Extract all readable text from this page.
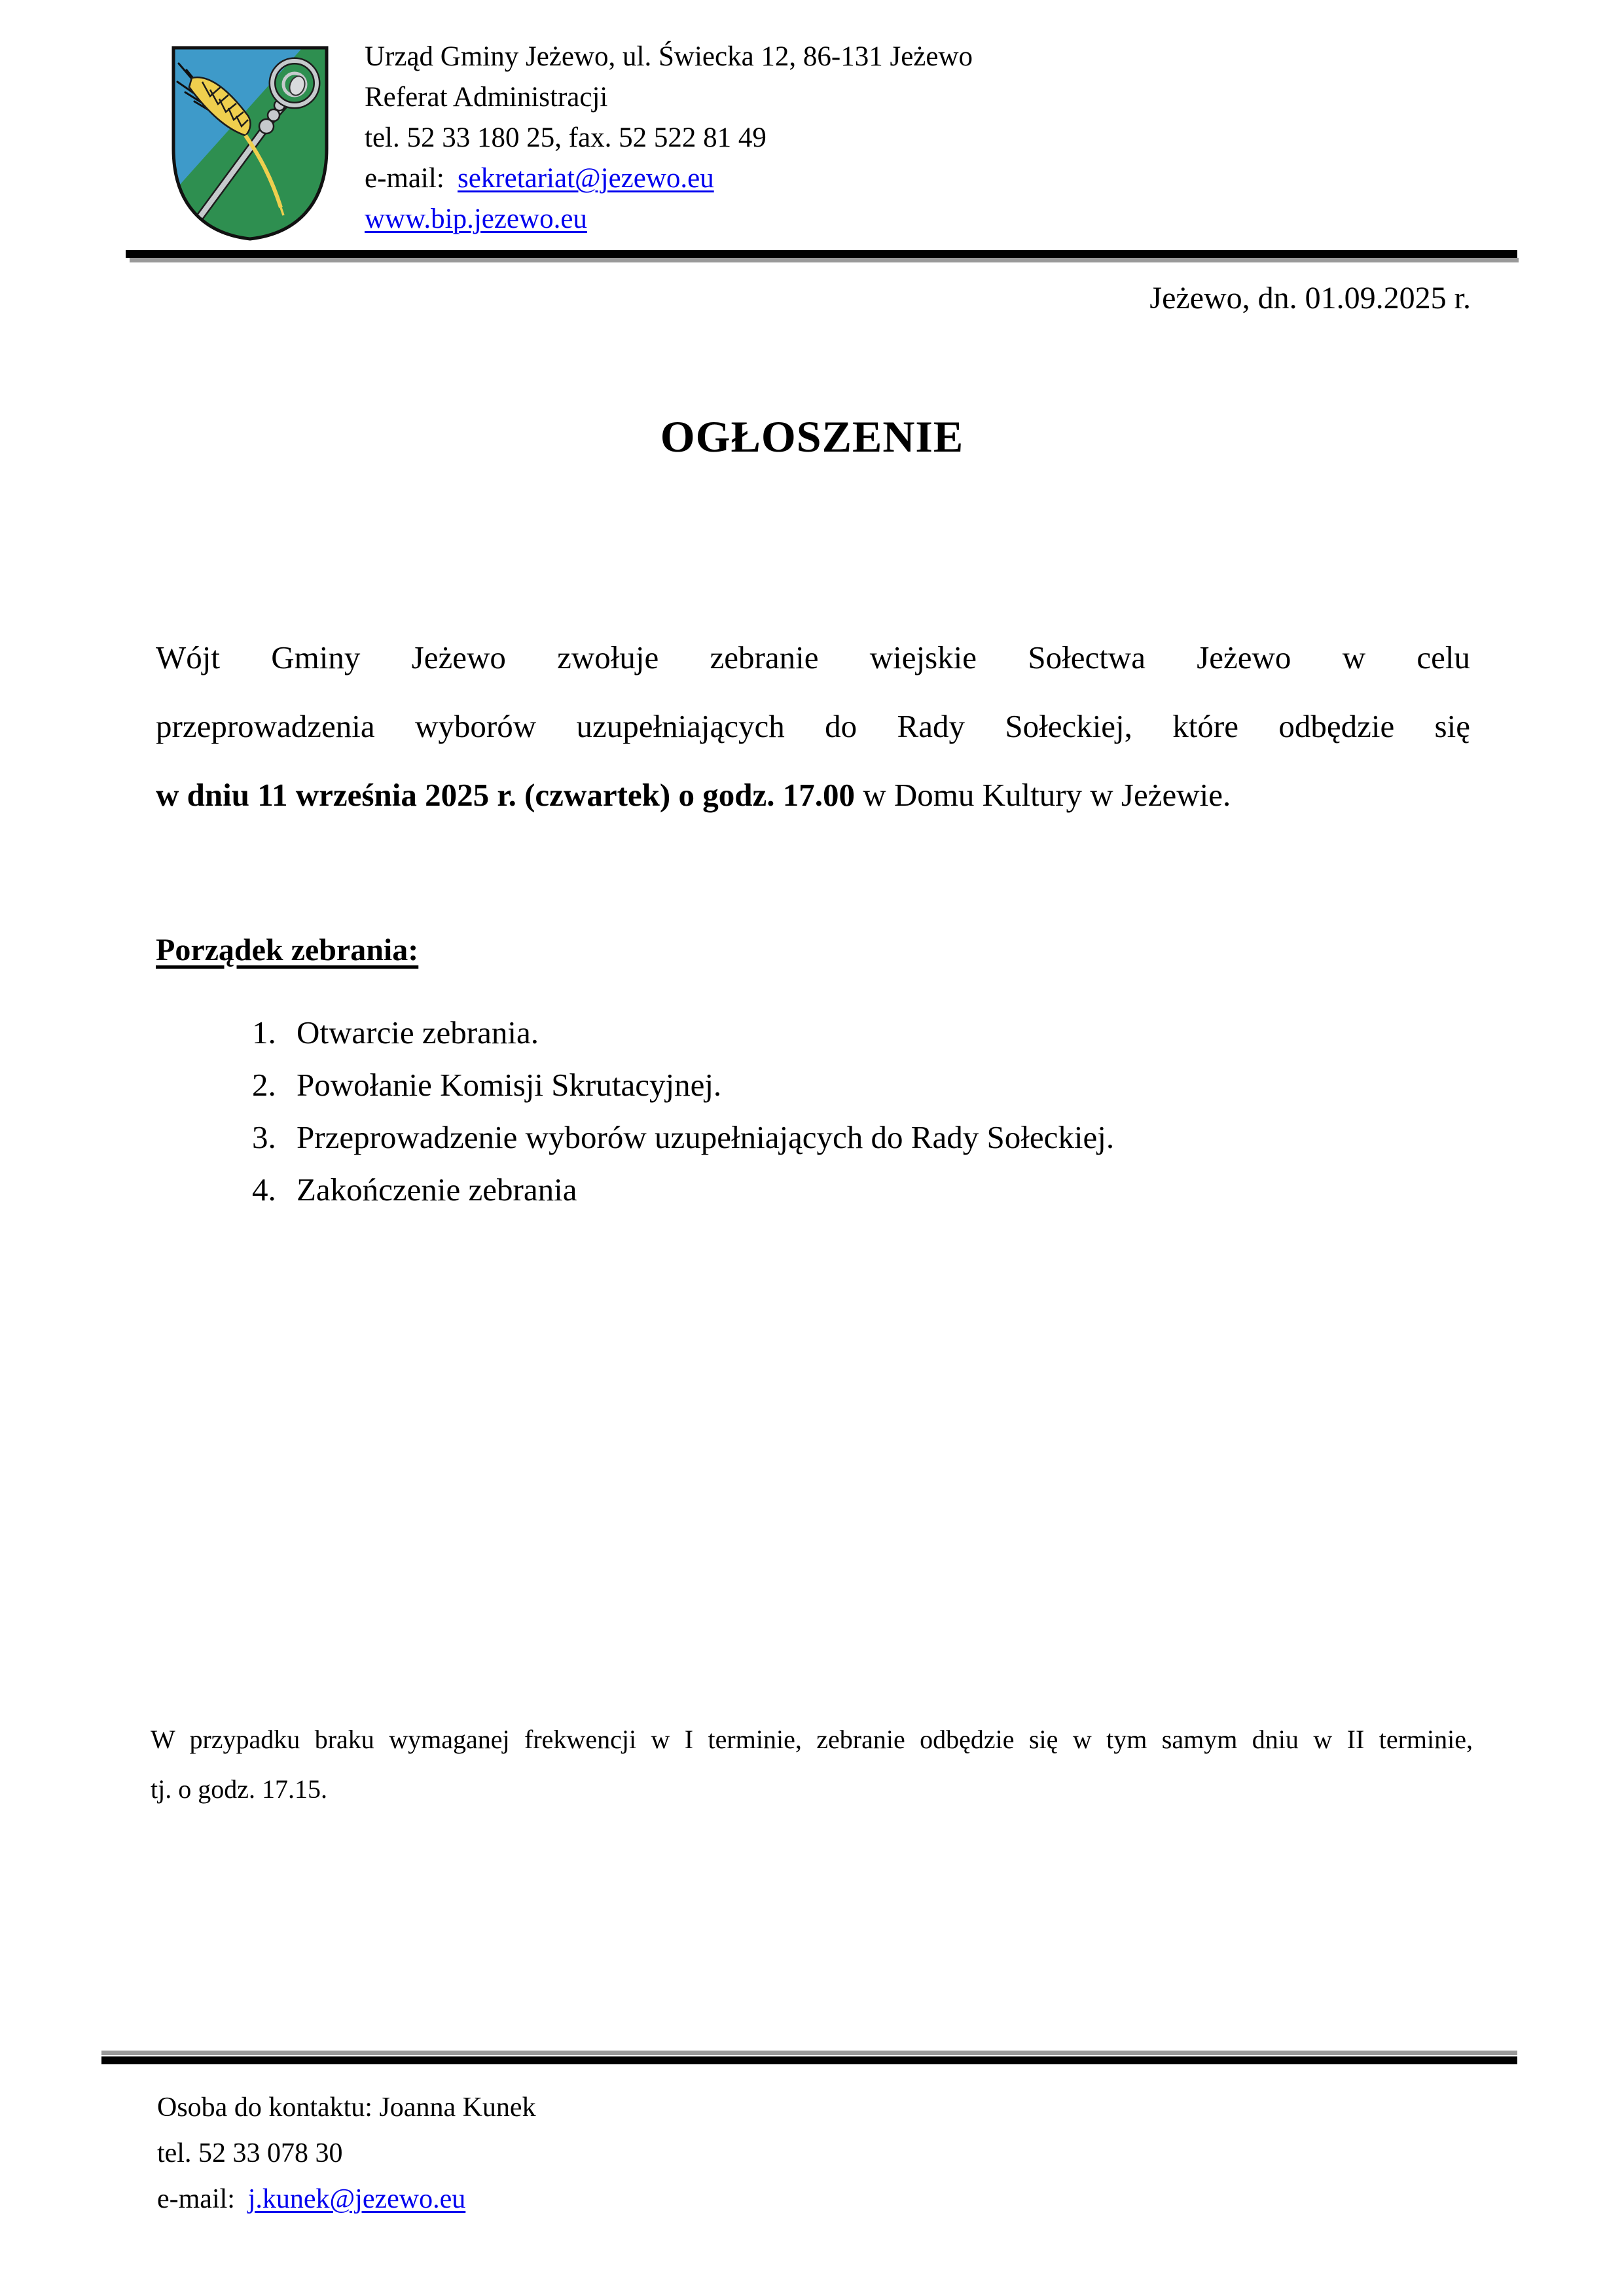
Urząd Gminy Jeżewo, ul. Świecka 12, 86-131 Jeżewo
Referat Administracji
tel. 52 33 180 25, fax. 52 522 81 49
e-mail: sekretariat@jezewo.eu
www.bip.jezewo.eu
Jeżewo, dn. 01.09.2025 r.
OGŁOSZENIE
Wójt Gminy Jeżewo zwołuje zebranie wiejskie Sołectwa Jeżewo w celu
przeprowadzenia wyborów uzupełniających do Rady Sołeckiej, które odbędzie się
w dniu 11 września 2025 r. (czwartek) o godz. 17.00 w Domu Kultury w Jeżewie.
Porządek zebrania:
1. Otwarcie zebrania.
2. Powołanie Komisji Skrutacyjnej.
3. Przeprowadzenie wyborów uzupełniających do Rady Sołeckiej.
4. Zakończenie zebrania
W przypadku braku wymaganej frekwencji w I terminie, zebranie odbędzie się w tym samym dniu w II terminie,
tj. o godz. 17.15.
Osoba do kontaktu: Joanna Kunek
tel. 52 33 078 30
e-mail: j.kunek@jezewo.eu
